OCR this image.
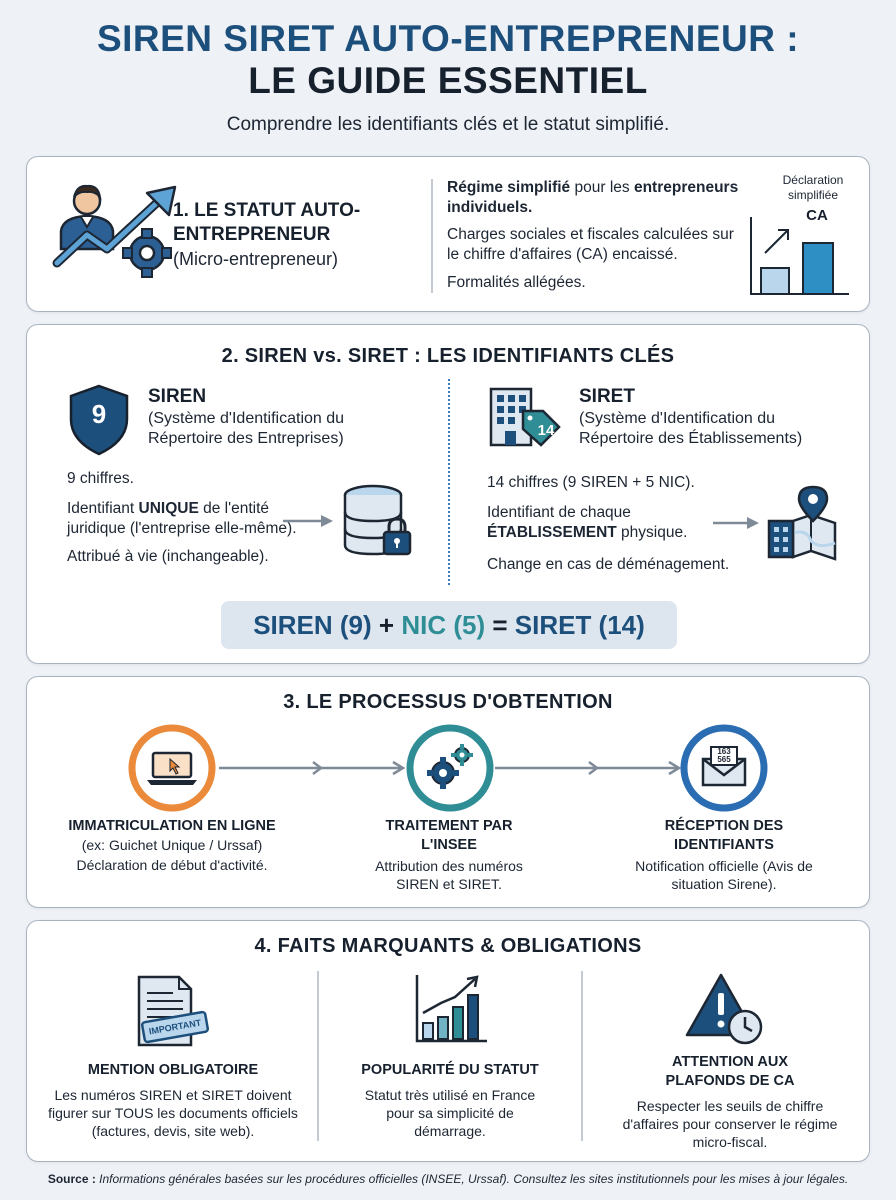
SIREN SIRET AUTO-ENTREPRENEUR :
LE GUIDE ESSENTIEL
Comprendre les identifiants clés et le statut simplifié.
1. LE STATUT AUTO-ENTREPRENEUR
(Micro-entrepreneur)
Régime simplifié pour les entrepreneurs individuels.
Charges sociales et fiscales calculées sur le chiffre d'affaires (CA) encaissé.
Formalités allégées.
Déclaration simplifiée
CA
2. SIREN vs. SIRET : LES IDENTIFIANTS CLÉS
9
SIREN
(Système d'Identification du Répertoire des Entreprises)
9 chiffres.
Identifiant UNIQUE de l'entité juridique (l'entreprise elle-même).
Attribué à vie (inchangeable).
14
SIRET
(Système d'Identification du Répertoire des Établissements)
14 chiffres (9 SIREN + 5 NIC).
Identifiant de chaque ÉTABLISSEMENT physique.
Change en cas de déménagement.
SIREN (9) + NIC (5) = SIRET (14)
3. LE PROCESSUS D'OBTENTION
163
565
IMMATRICULATION EN LIGNE
(ex: Guichet Unique / Urssaf)
Déclaration de début d'activité.
TRAITEMENT PAR L'INSEE
Attribution des numéros SIREN et SIRET.
RÉCEPTION DES IDENTIFIANTS
Notification officielle (Avis de situation Sirene).
4. FAITS MARQUANTS & OBLIGATIONS
IMPORTANT
MENTION OBLIGATOIRE
Les numéros SIREN et SIRET doivent figurer sur TOUS les documents officiels (factures, devis, site web).
POPULARITÉ DU STATUT
Statut très utilisé en France pour sa simplicité de démarrage.
ATTENTION AUX PLAFONDS DE CA
Respecter les seuils de chiffre d'affaires pour conserver le régime micro-fiscal.
Source : Informations générales basées sur les procédures officielles (INSEE, Urssaf). Consultez les sites institutionnels pour les mises à jour légales.
